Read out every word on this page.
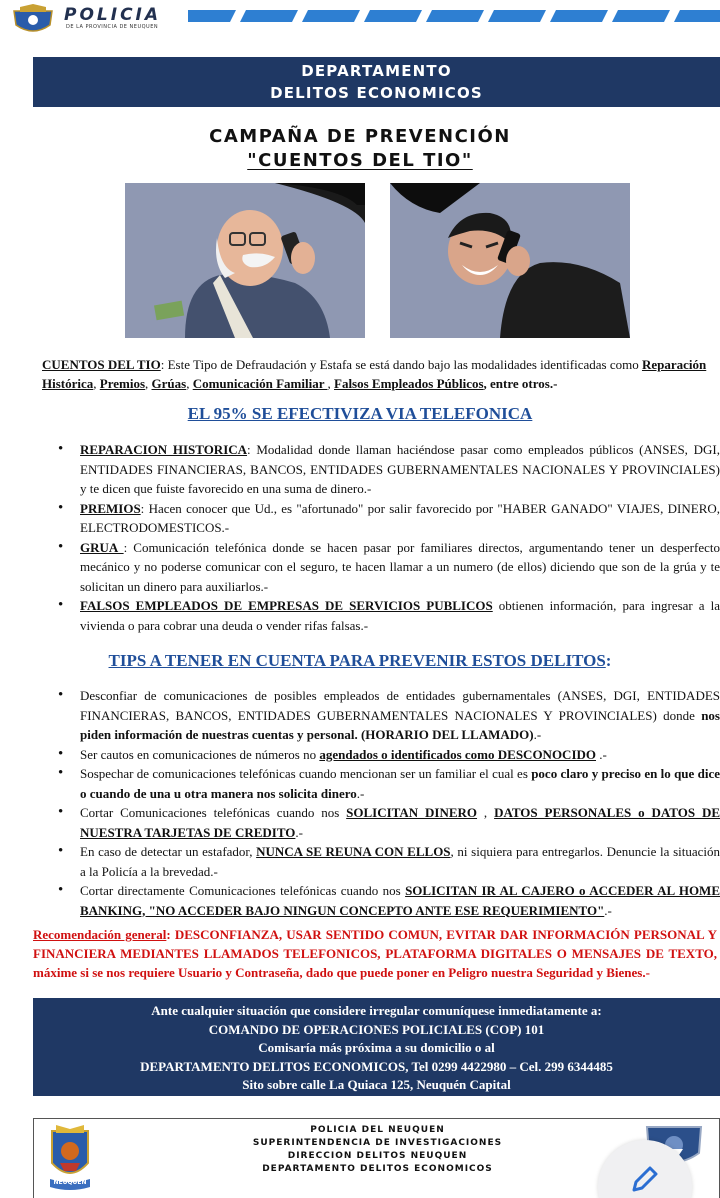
POLICIA
DE LA PROVINCIA DE NEUQUEN
DEPARTAMENTO
DELITOS ECONOMICOS
CAMPAÑA DE PREVENCIÓN
"CUENTOS DEL TIO"
CUENTOS DEL TIO: Este Tipo de Defraudación y Estafa se está dando bajo las modalidades identificadas como Reparación Histórica, Premios, Grúas, Comunicación Familiar , Falsos Empleados Públicos, entre otros.-
EL 95% SE EFECTIVIZA VIA TELEFONICA
• REPARACION HISTORICA: Modalidad donde llaman haciéndose pasar como empleados públicos (ANSES, DGI, ENTIDADES FINANCIERAS, BANCOS, ENTIDADES GUBERNAMENTALES NACIONALES Y PROVINCIALES) y te dicen que fuiste favorecido en una suma de dinero.-
• PREMIOS: Hacen conocer que Ud., es "afortunado" por salir favorecido por "HABER GANADO" VIAJES, DINERO, ELECTRODOMESTICOS.-
• GRUA : Comunicación telefónica donde se hacen pasar por familiares directos, argumentando tener un desperfecto mecánico y no poderse comunicar con el seguro, te hacen llamar a un numero (de ellos) diciendo que son de la grúa y te solicitan un dinero para auxiliarlos.-
• FALSOS EMPLEADOS DE EMPRESAS DE SERVICIOS PUBLICOS obtienen información, para ingresar a la vivienda o para cobrar una deuda o vender rifas falsas.-
TIPS A TENER EN CUENTA PARA PREVENIR ESTOS DELITOS:
• Desconfiar de comunicaciones de posibles empleados de entidades gubernamentales (ANSES, DGI, ENTIDADES FINANCIERAS, BANCOS, ENTIDADES GUBERNAMENTALES NACIONALES Y PROVINCIALES) donde nos piden información de nuestras cuentas y personal. (HORARIO DEL LLAMADO).-
• Ser cautos en comunicaciones de números no agendados o identificados como DESCONOCIDO .-
• Sospechar de comunicaciones telefónicas cuando mencionan ser un familiar el cual es poco claro y preciso en lo que dice o cuando de una u otra manera nos solicita dinero.-
• Cortar Comunicaciones telefónicas cuando nos SOLICITAN DINERO , DATOS PERSONALES o DATOS DE NUESTRA TARJETAS DE CREDITO.-
• En caso de detectar un estafador, NUNCA SE REUNA CON ELLOS, ni siquiera para entregarlos. Denuncie la situación a la Policía a la brevedad.-
• Cortar directamente Comunicaciones telefónicas cuando nos SOLICITAN IR AL CAJERO o ACCEDER AL HOME BANKING, "NO ACCEDER BAJO NINGUN CONCEPTO ANTE ESE REQUERIMIENTO".-
Recomendación general: DESCONFIANZA, USAR SENTIDO COMUN, EVITAR DAR INFORMACIÓN PERSONAL Y FINANCIERA MEDIANTES LLAMADOS TELEFONICOS, PLATAFORMA DIGITALES O MENSAJES DE TEXTO, máxime si se nos requiere Usuario y Contraseña, dado que puede poner en Peligro nuestra Seguridad y Bienes.-
Ante cualquier situación que considere irregular comuníquese inmediatamente a:
COMANDO DE OPERACIONES POLICIALES (COP) 101
Comisaría más próxima a su domicilio o al
DEPARTAMENTO DELITOS ECONOMICOS, Tel 0299 4422980 – Cel. 299 6344485
Sito sobre calle La Quiaca 125, Neuquén Capital
NEUQUEN
POLICIA DEL NEUQUEN
SUPERINTENDENCIA DE INVESTIGACIONES
DIRECCION DELITOS NEUQUEN
DEPARTAMENTO DELITOS ECONOMICOS
